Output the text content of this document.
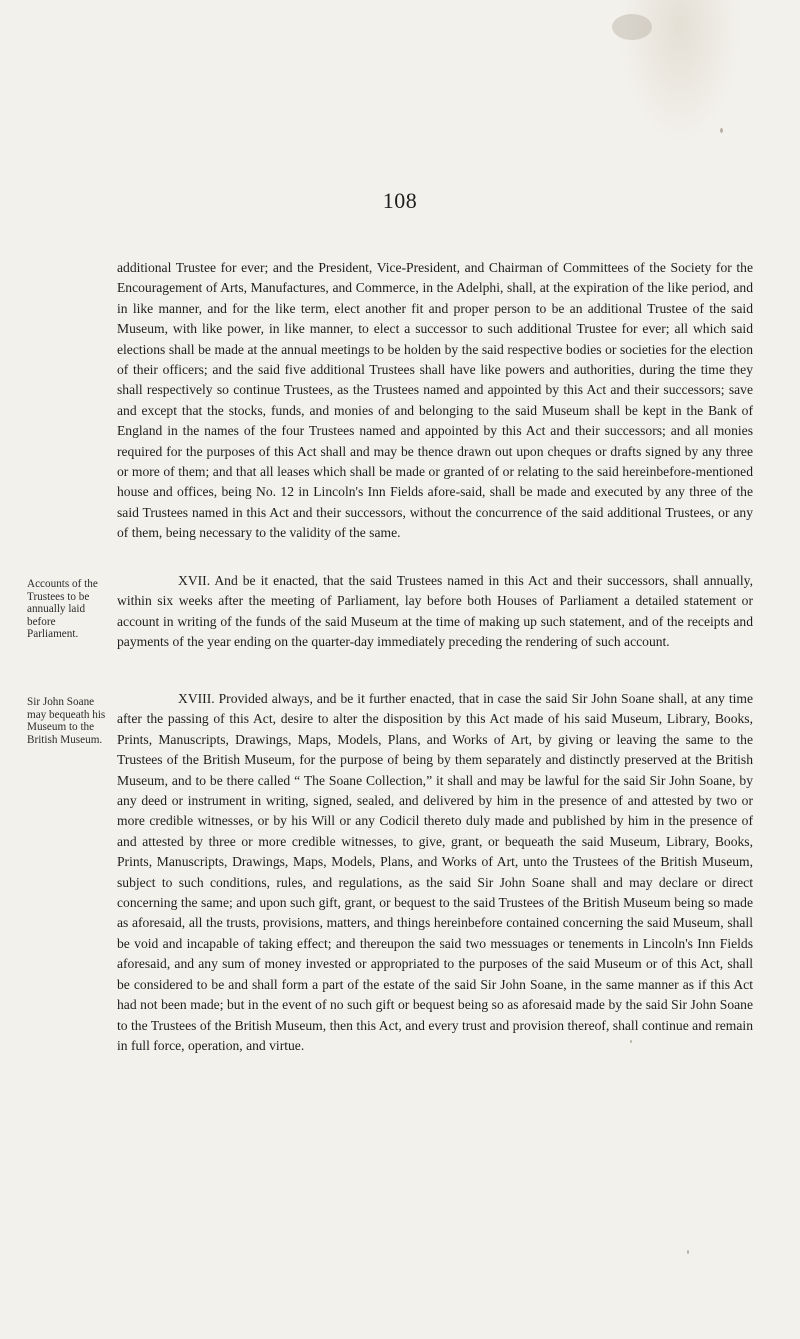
108

additional Trustee for ever; and the President, Vice-President, and Chairman of Committees of the Society for the Encouragement of Arts, Manufactures, and Commerce, in the Adelphi, shall, at the expiration of the like period, and in like manner, and for the like term, elect another fit and proper person to be an additional Trustee of the said Museum, with like power, in like manner, to elect a successor to such additional Trustee for ever; all which said elections shall be made at the annual meetings to be holden by the said respective bodies or societies for the election of their officers; and the said five additional Trustees shall have like powers and authorities, during the time they shall respectively so continue Trustees, as the Trustees named and appointed by this Act and their successors; save and except that the stocks, funds, and monies of and belonging to the said Museum shall be kept in the Bank of England in the names of the four Trustees named and appointed by this Act and their successors; and all monies required for the purposes of this Act shall and may be thence drawn out upon cheques or drafts signed by any three or more of them; and that all leases which shall be made or granted of or relating to the said hereinbefore-mentioned house and offices, being No. 12 in Lincoln's Inn Fields afore-said, shall be made and executed by any three of the said Trustees named in this Act and their successors, without the concurrence of the said additional Trustees, or any of them, being necessary to the validity of the same.

Accounts of the Trustees to be annually laid before Parliament.

XVII. And be it enacted, that the said Trustees named in this Act and their successors, shall annually, within six weeks after the meeting of Parliament, lay before both Houses of Parliament a detailed statement or account in writing of the funds of the said Museum at the time of making up such statement, and of the receipts and payments of the year ending on the quarter-day immediately preceding the rendering of such account.

Sir John Soane may bequeath his Museum to the British Museum.

XVIII. Provided always, and be it further enacted, that in case the said Sir John Soane shall, at any time after the passing of this Act, desire to alter the disposition by this Act made of his said Museum, Library, Books, Prints, Manuscripts, Drawings, Maps, Models, Plans, and Works of Art, by giving or leaving the same to the Trustees of the British Museum, for the purpose of being by them separately and distinctly preserved at the British Museum, and to be there called “ The Soane Collection,” it shall and may be lawful for the said Sir John Soane, by any deed or instrument in writing, signed, sealed, and delivered by him in the presence of and attested by two or more credible witnesses, or by his Will or any Codicil thereto duly made and published by him in the presence of and attested by three or more credible witnesses, to give, grant, or bequeath the said Museum, Library, Books, Prints, Manuscripts, Drawings, Maps, Models, Plans, and Works of Art, unto the Trustees of the British Museum, subject to such conditions, rules, and regulations, as the said Sir John Soane shall and may declare or direct concerning the same; and upon such gift, grant, or bequest to the said Trustees of the British Museum being so made as aforesaid, all the trusts, provisions, matters, and things hereinbefore contained concerning the said Museum, shall be void and incapable of taking effect; and thereupon the said two messuages or tenements in Lincoln's Inn Fields aforesaid, and any sum of money invested or appropriated to the purposes of the said Museum or of this Act, shall be considered to be and shall form a part of the estate of the said Sir John Soane, in the same manner as if this Act had not been made; but in the event of no such gift or bequest being so as aforesaid made by the said Sir John Soane to the Trustees of the British Museum, then this Act, and every trust and provision thereof, shall continue and remain in full force, operation, and virtue.
